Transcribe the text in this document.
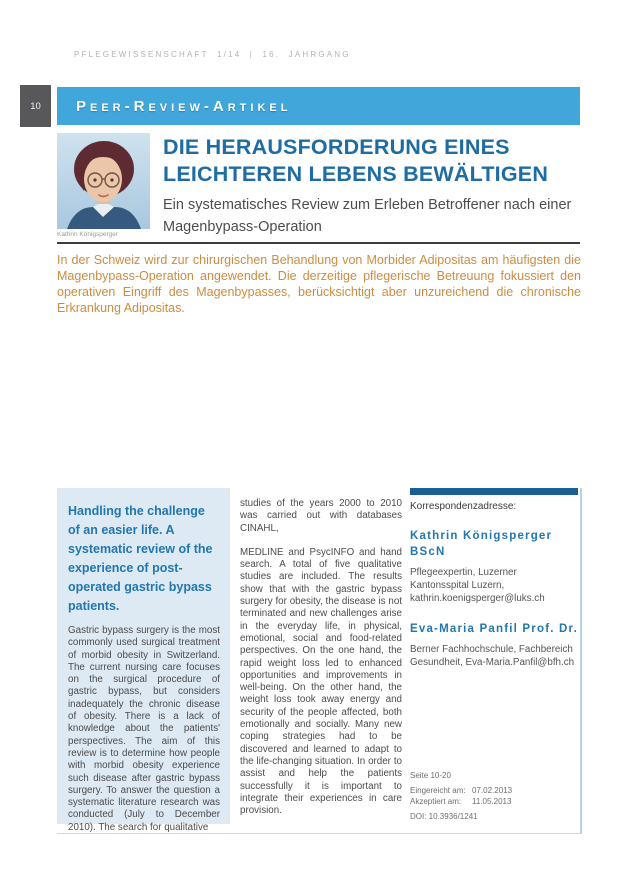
PFLEGEWISSENSCHAFT 1/14 | 16. JAHRGANG
10 Peer-Review-Artikel
Kathrin Königsperger
DIE HERAUSFORDERUNG EINES LEICHTEREN LEBENS BEWÄLTIGEN
Ein systematisches Review zum Erleben Betroffener nach einer Magenbypass-Operation

In der Schweiz wird zur chirurgischen Behandlung von Morbider Adipositas am häufigsten die Magenbypass-Operation angewendet. Die derzeitige pflegerische Betreuung fokussiert den operativen Eingriff des Magenbypasses, berücksichtigt aber unzureichend die chronische Erkrankung Adipositas.

Handling the challenge of an easier life. A systematic review of the experience of post-operated gastric bypass patients.
Gastric bypass surgery is the most commonly used surgical treatment of morbid obesity in Switzerland. The current nursing care focuses on the surgical procedure of gastric bypass, but considers inadequately the chronic disease of obesity. There is a lack of knowledge about the patients' perspectives. The aim of this review is to determine how people with morbid obesity experience such disease after gastric bypass surgery. To answer the question a systematic literature research was conducted (July to December 2010). The search for qualitative

studies of the years 2000 to 2010 was carried out with databases CINAHL,

MEDLINE and PsycINFO and hand search. A total of five qualitative studies are included. The results show that with the gastric bypass surgery for obesity, the disease is not terminated and new challenges arise in the everyday life, in physical, emotional, social and food-related perspectives. On the one hand, the rapid weight loss led to enhanced opportunities and improvements in well-being. On the other hand, the weight loss took away energy and security of the people affected, both emotionally and socially. Many new coping strategies had to be discovered and learned to adapt to the life-changing situation. In order to assist and help the patients successfully it is important to integrate their experiences in care provision.

Korrespondenzadresse:
Kathrin Königsperger BScN
Pflegeexpertin, Luzerner Kantonsspital Luzern, kathrin.koenigsperger@luks.ch
Eva-Maria Panfil Prof. Dr.
Berner Fachhochschule, Fachbereich Gesundheit, Eva-Maria.Panfil@bfh.ch
Seite 10-20
Eingereicht am: 07.02.2013
Akzeptiert am:	11.05.2013
DOI: 10.3936/1241
